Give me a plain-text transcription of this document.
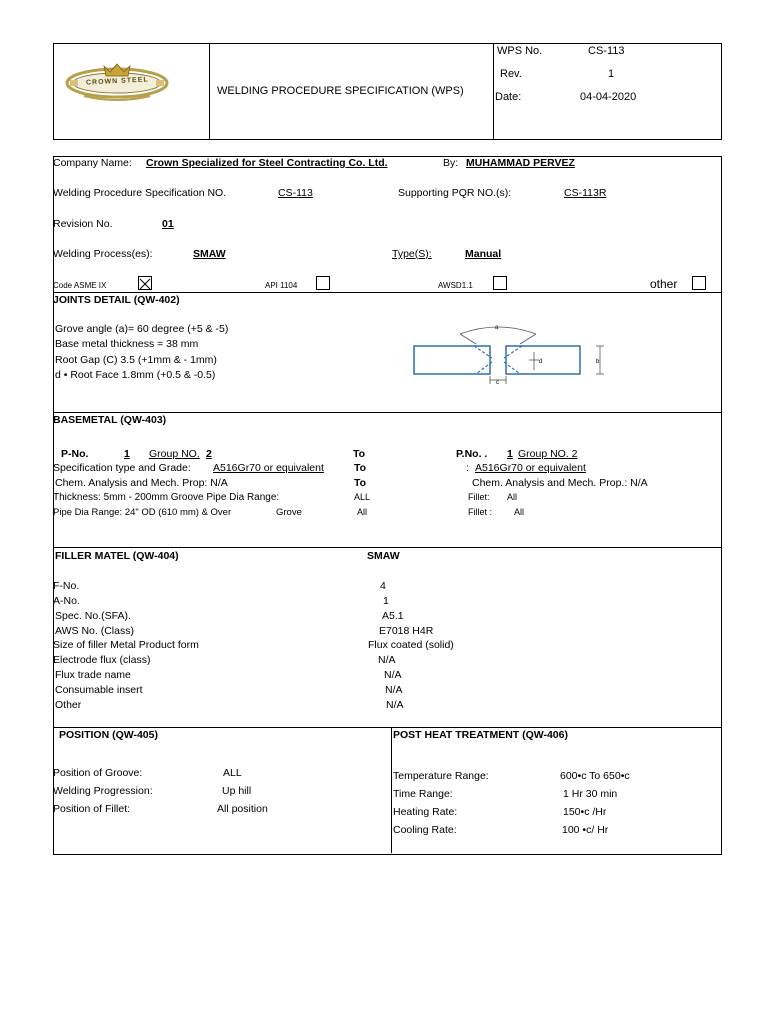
CROWN STEEL
WELDING PROCEDURE SPECIFICATION (WPS)
WPS No.	CS-113
Rev.	1
Date:	04-04-2020
Company Name: Crown Specialized for Steel Contracting Co. Ltd.	By: MUHAMMAD PERVEZ
Welding Procedure Specification NO.	CS-113	Supporting PQR NO.(s):	CS-113R
Revision No.	01
Welding Process(es):	SMAW	Type(S):	Manual
Code ASME IX	API 1104	AWSD1.1	other
JOINTS DETAIL (QW-402)
Grove angle (a)= 60 degree (+5 & -5)
Base metal thickness = 38 mm
Root Gap (C) 3.5 (+1mm & - 1mm)
d • Root Face 1.8mm (+0.5 & -0.5)
a
b
c
d
BASEMETAL (QW-403)
P-No.	1 Group NO. 2	To	P.No. . 1 Group NO. 2
Specification type and Grade: A516Gr70 or equivalent	To	: A516Gr70 or equivalent
Chem. Analysis and Mech. Prop: N/A	To	Chem. Analysis and Mech. Prop.: N/A
Thickness: 5mm - 200mm Groove Pipe Dia Range:	ALL	Fillet: All
Pipe Dia Range: 24" OD (610 mm) & Over	Grove	All	Fillet : All
FILLER MATEL (QW-404)	SMAW
F-No.	4
A-No.	1
Spec. No.(SFA).	A5.1
AWS No. (Class)	E7018 H4R
Size of filler Metal Product form	Flux coated (solid)
Electrode flux (class)	N/A
Flux trade name	N/A
Consumable insert	N/A
Other	N/A
POSITION (QW-405)
Position of Groove:	ALL
Welding Progression:	Up hill
Position of Fillet:	All position
POST HEAT TREATMENT (QW-406)
Temperature Range:	600•c To 650•c
Time Range:	1 Hr 30 min
Heating Rate:	150•c /Hr
Cooling Rate:	100 •c/ Hr
